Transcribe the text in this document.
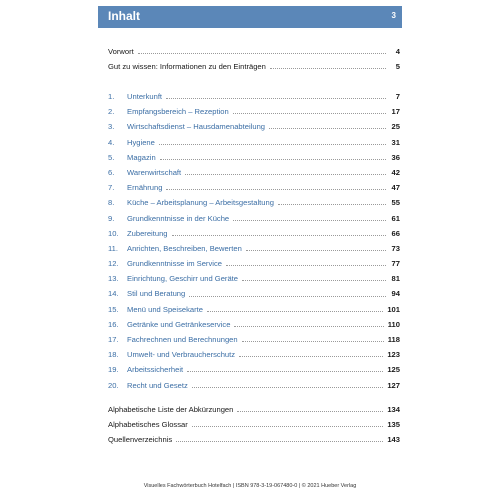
Inhalt	3
Vorwort	4
Gut zu wissen: Informationen zu den Einträgen	5
1.	Unterkunft	7
2.	Empfangsbereich – Rezeption	17
3.	Wirtschaftsdienst – Hausdamenabteilung	25
4.	Hygiene	31
5.	Magazin	36
6.	Warenwirtschaft	42
7.	Ernährung	47
8.	Küche – Arbeitsplanung – Arbeitsgestaltung	55
9.	Grundkenntnisse in der Küche	61
10.	Zubereitung	66
11.	Anrichten, Beschreiben, Bewerten	73
12.	Grundkenntnisse im Service	77
13.	Einrichtung, Geschirr und Geräte	81
14.	Stil und Beratung	94
15.	Menü und Speisekarte	101
16.	Getränke und Getränkeservice	110
17.	Fachrechnen und Berechnungen	118
18.	Umwelt- und Verbraucherschutz	123
19.	Arbeitssicherheit	125
20.	Recht und Gesetz	127
Alphabetische Liste der Abkürzungen	134
Alphabetisches Glossar	135
Quellenverzeichnis	143
Visuelles Fachwörterbuch Hotelfach | ISBN 978-3-19-067480-0 | © 2021 Hueber Verlag
